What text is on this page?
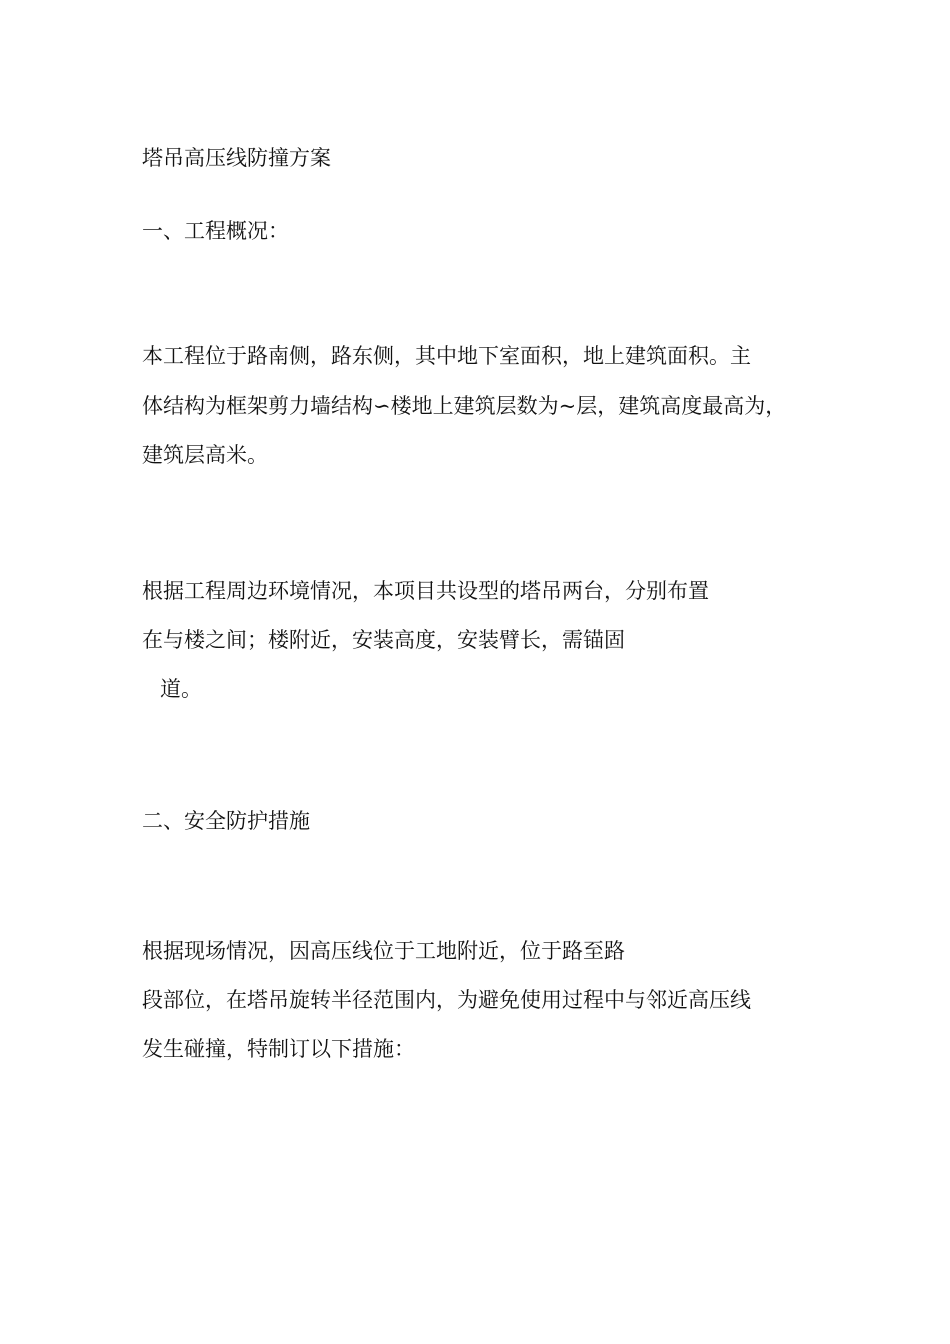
塔吊高压线防撞方案
一、工程概况：

本工程位于路南侧，路东侧，其中地下室面积，地上建筑面积。主

体结构为框架剪力墙结构∽楼地上建筑层数为~层，建筑高度最高为，

建筑层高米。

根据工程周边环境情况，本项目共设型的塔吊两台，分别布置

在与楼之间；楼附近，安装高度，安装臂长，需锚固

道。

二、安全防护措施

根据现场情况，因高压线位于工地附近，位于路至路

段部位，在塔吊旋转半径范围内，为避免使用过程中与邻近高压线

发生碰撞，特制订以下措施：
